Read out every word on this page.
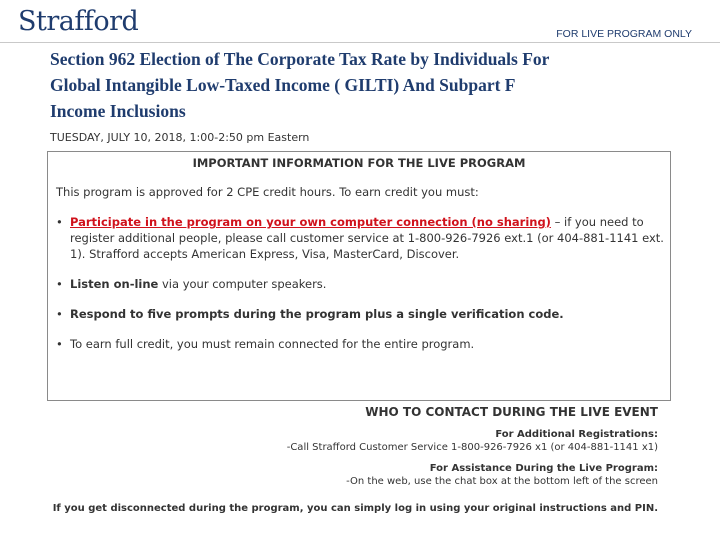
Strafford	FOR LIVE PROGRAM ONLY
Section 962 Election of The Corporate Tax Rate by Individuals For
Global Intangible Low-Taxed Income ( GILTI) And Subpart F
Income Inclusions
TUESDAY, JULY 10, 2018, 1:00-2:50 pm Eastern
IMPORTANT INFORMATION FOR THE LIVE PROGRAM
This program is approved for 2 CPE credit hours. To earn credit you must:
• Participate in the program on your own computer connection (no sharing) – if you need to register additional people, please call customer service at 1-800-926-7926 ext.1 (or 404-881-1141 ext. 1). Strafford accepts American Express, Visa, MasterCard, Discover.
• Listen on-line via your computer speakers.
• Respond to five prompts during the program plus a single verification code.
• To earn full credit, you must remain connected for the entire program.
WHO TO CONTACT DURING THE LIVE EVENT
For Additional Registrations:
-Call Strafford Customer Service 1-800-926-7926 x1 (or 404-881-1141 x1)
For Assistance During the Live Program:
-On the web, use the chat box at the bottom left of the screen
If you get disconnected during the program, you can simply log in using your original instructions and PIN.
